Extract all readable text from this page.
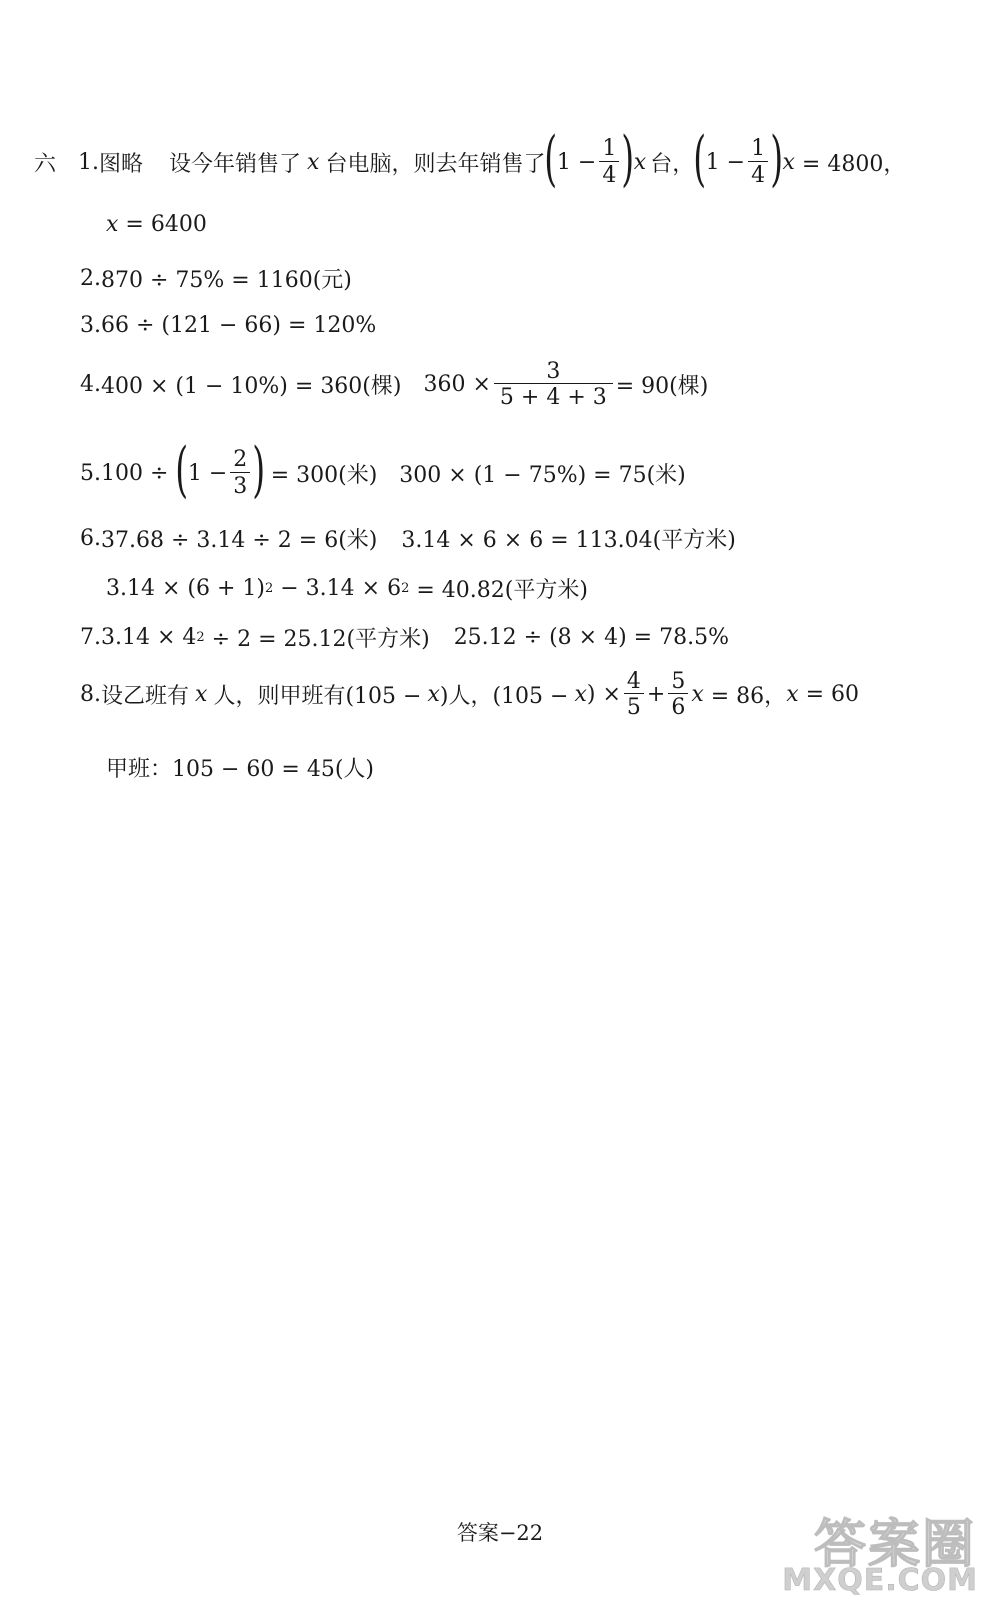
六 1. 图略 设今年销售了 x 台电脑，则去年销售了 ( $1 - \frac{1}{4}$ ) x 台， ( $1 - \frac{1}{4}$ ) x = 4800，
x = 6400
2. 870 ÷ 75% = 1160(元)
3. 66 ÷ (121 − 66) = 120%
4. 400 × (1 − 10%) = 360(棵) $360 \times \frac{3}{5 + 4 + 3} = 90$(棵)
5. 100 ÷ ( $1 - \frac{2}{3}$ ) = 300(米) 300 × (1 − 75%) = 75(米)
6. 37.68 ÷ 3.14 ÷ 2 = 6(米) 3.14 × 6 × 6 = 113.04(平方米)
3.14 × (6 + 1) 2 − 3.14 × 6 2 = 40.82(平方米)
7. 3.14 × 4 2 ÷ 2 = 25.12(平方米) 25.12 ÷ (8 × 4) = 78.5%
8. 设乙班有 x 人，则甲班有(105 − x )人，(105 − x ) × $\frac{4}{5} + \frac{5}{6}$ x = 86， x = 60
甲班：105 − 60 = 45(人)
答案−22	答案圈
MXQE.COM
